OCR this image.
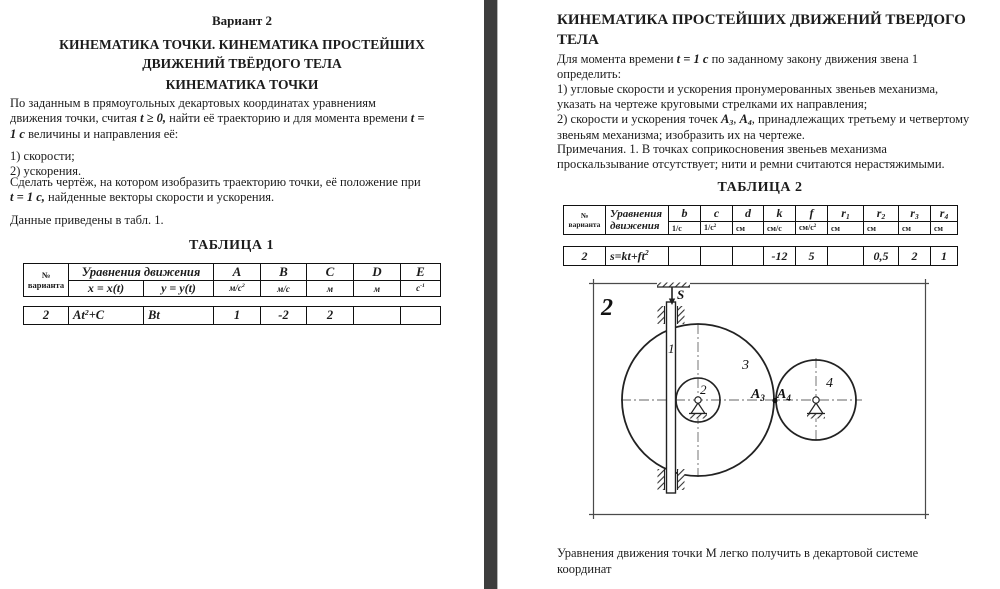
Вариант 2
КИНЕМАТИКА ТОЧКИ. КИНЕМАТИКА ПРОСТЕЙШИХ
ДВИЖЕНИЙ ТВЁРДОГО ТЕЛА
КИНЕМАТИКА ТОЧКИ

По заданным в прямоугольных декартовых координатах уравнениям
движения точки, считая t ≥ 0, найти её траекторию и для момента времени t =
1 с величины и направления её:

1) скорости;
2) ускорения.

Сделать чертёж, на котором изобразить траекторию точки, её положение при
t = 1 с, найденные векторы скорости и ускорения.

Данные приведены в табл. 1.
ТАБЛИЦА 1
№
варианта	Уравнения движения		A	B	C	D	E
	x = x(t)	y = y(t)	$м/с^2$	м/с	м	м	$с^{-1}$
2	$At^2+C$	Bt	1	-2	2		
КИНЕМАТИКА ПРОСТЕЙШИХ ДВИЖЕНИЙ ТВЕРДОГО
ТЕЛА

Для момента времени t = 1 с по заданному закону движения звена 1
определить:

1) угловые скорости и ускорения пронумерованных звеньев механизма,
указать на чертеже круговыми стрелками их направления;

2) скорости и ускорения точек A3, A4, принадлежащих третьему и четвертому
звеньям механизма; изобразить их на чертеже.

Примечания. 1. В точках соприкосновения звеньев механизма
проскальзывание отсутствует; нити и ремни считаются нерастяжимыми.

ТАБЛИЦА 2
№
варианта	Уравнения движения	b	c	d	k	f	r1	r2	r3	r4
		1/с	$1/с^2$	см	см/с	$см/с^2$	см	см	см	см
2	$s=kt+ft^2$				-12	5		0,5	2	1
2
S
1
3
2	4
$A_3$ $A_4$

Уравнения движения точки М легко получить в декартовой системе
координат
